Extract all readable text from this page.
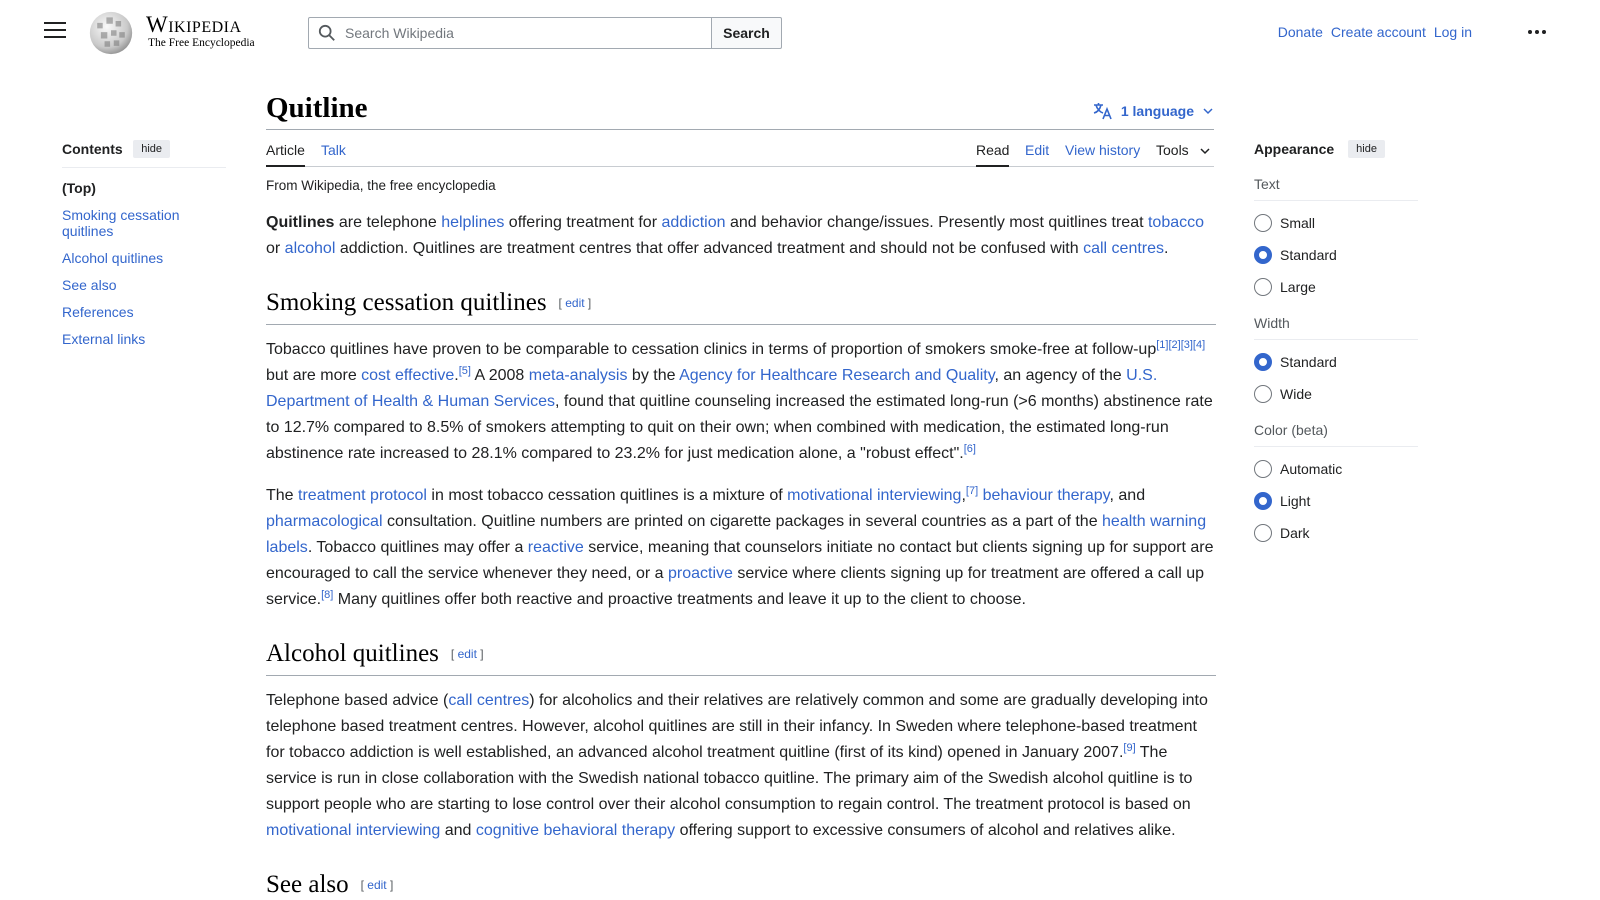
Wikipedia
The Free Encyclopedia
Search Wikipedia
Search	Donate Create account Log in
Contents	hide
(Top)
Smoking cessation quitlines
Alcohol quitlines
See also
References
External links
Quitline	1 language
Article Talk	Read Edit View history Tools
From Wikipedia, the free encyclopedia

Quitlines are telephone helplines offering treatment for addiction and behavior change/issues. Presently most quitlines treat tobacco or alcohol addiction. Quitlines are treatment centres that offer advanced treatment and should not be confused with call centres.

Smoking cessation quitlines [ edit ]

Tobacco quitlines have proven to be comparable to cessation clinics in terms of proportion of smokers smoke-free at follow-up[1][2][3][4] but are more cost effective.[5] A 2008 meta-analysis by the Agency for Healthcare Research and Quality, an agency of the U.S. Department of Health & Human Services, found that quitline counseling increased the estimated long-run (>6 months) abstinence rate to 12.7% compared to 8.5% of smokers attempting to quit on their own; when combined with medication, the estimated long-run abstinence rate increased to 28.1% compared to 23.2% for just medication alone, a "robust effect".[6]

The treatment protocol in most tobacco cessation quitlines is a mixture of motivational interviewing,[7] behaviour therapy, and pharmacological consultation. Quitline numbers are printed on cigarette packages in several countries as a part of the health warning labels. Tobacco quitlines may offer a reactive service, meaning that counselors initiate no contact but clients signing up for support are encouraged to call the service whenever they need, or a proactive service where clients signing up for treatment are offered a call up service.[8] Many quitlines offer both reactive and proactive treatments and leave it up to the client to choose.

Alcohol quitlines [ edit ]

Telephone based advice (call centres) for alcoholics and their relatives are relatively common and some are gradually developing into telephone based treatment centres. However, alcohol quitlines are still in their infancy. In Sweden where telephone-based treatment for tobacco addiction is well established, an advanced alcohol treatment quitline (first of its kind) opened in January 2007.[9] The service is run in close collaboration with the Swedish national tobacco quitline. The primary aim of the Swedish alcohol quitline is to support people who are starting to lose control over their alcohol consumption to regain control. The treatment protocol is based on motivational interviewing and cognitive behavioral therapy offering support to excessive consumers of alcohol and relatives alike.

See also [ edit ]
Appearance	hide
Text
Small
Standard
Large
Width
Standard
Wide
Color (beta)
Automatic
Light
Dark
